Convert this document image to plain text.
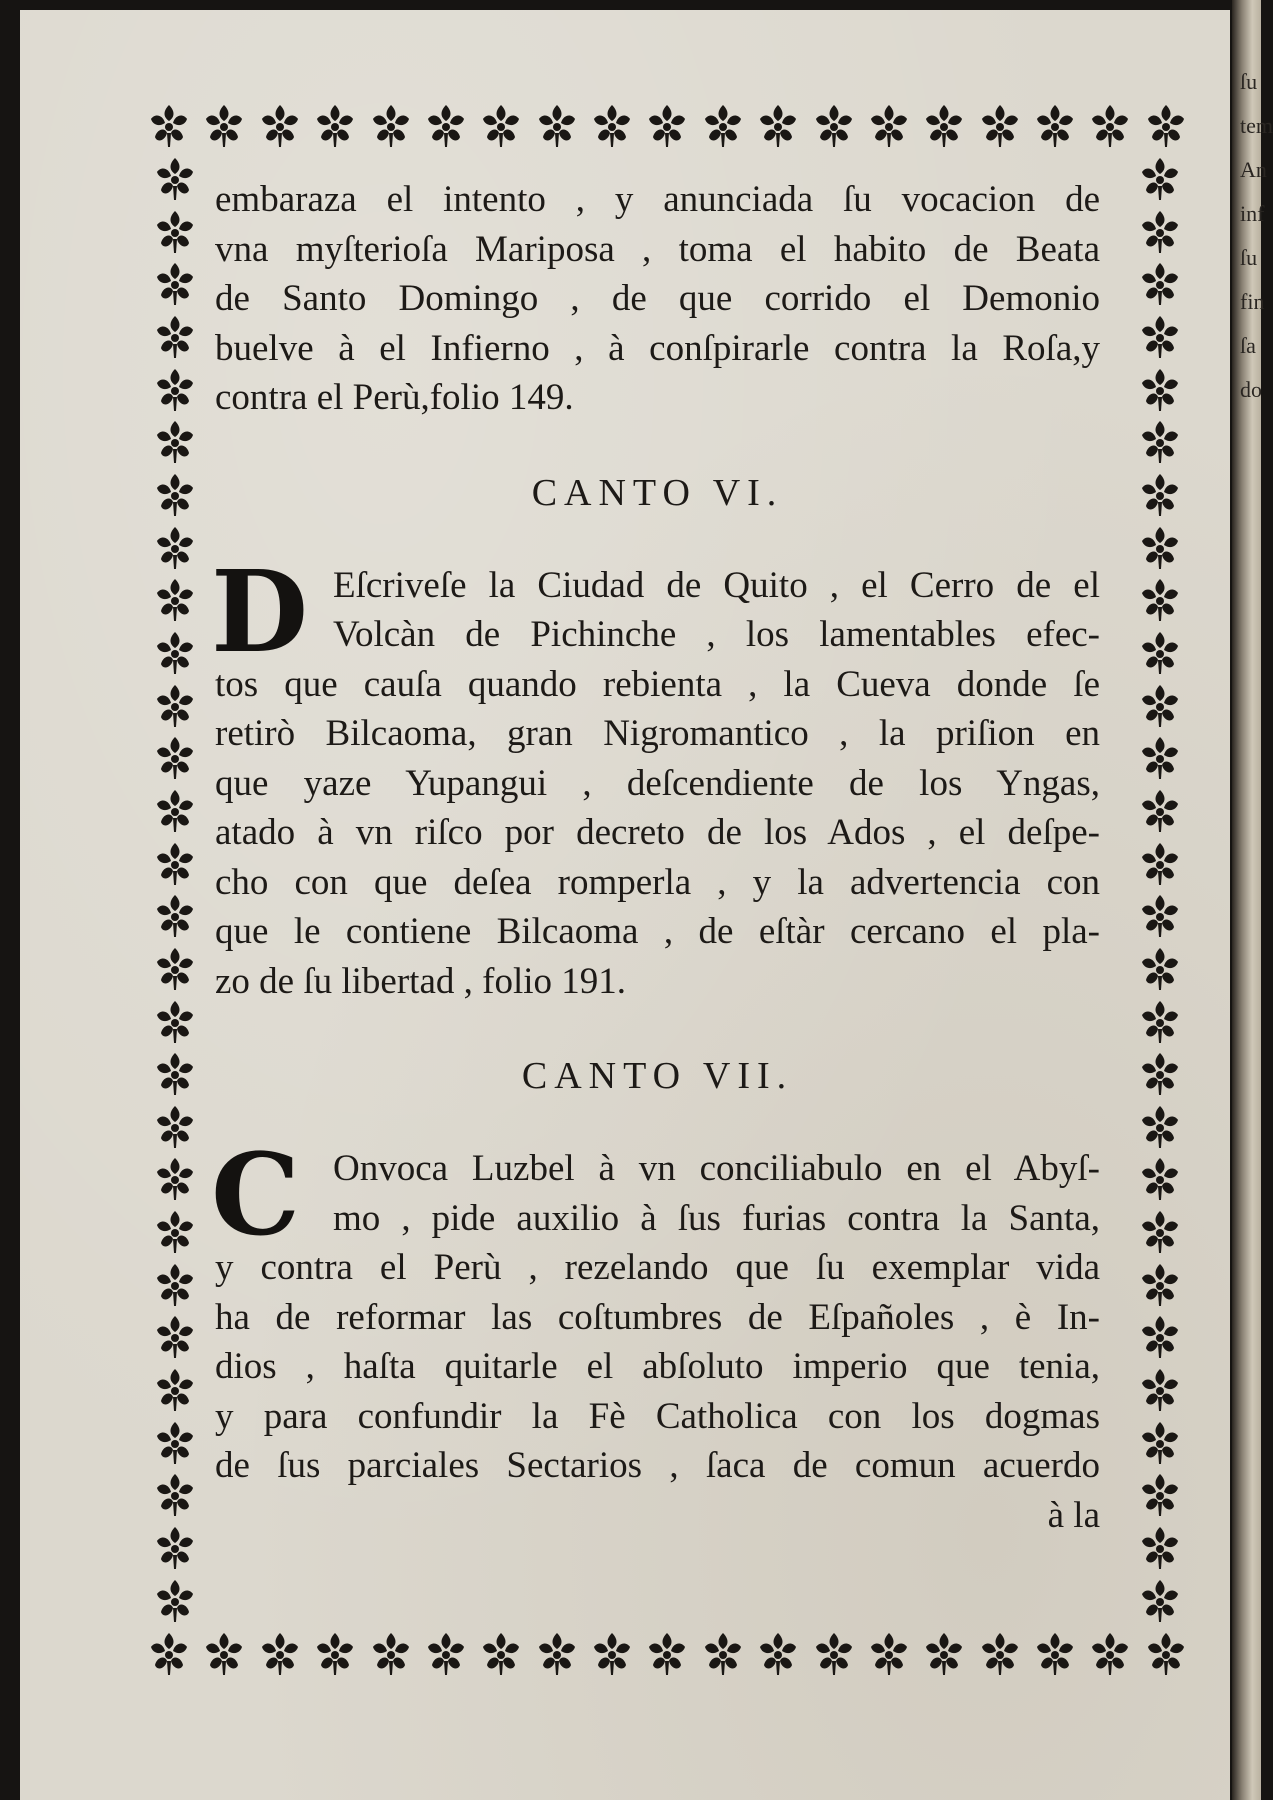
ſu
tem
An
inf
ſu
fin
ſa
do
embaraza el intento , y anunciada ſu vocacion de
vna myſterioſa Mariposa , toma el habito de Beata
de Santo Domingo , de que corrido el Demonio
buelve à el Infierno , à conſpirarle contra la Roſa,y
contra el Perù,folio 149.
CANTO VI.
D Eſcriveſe la Ciudad de Quito , el Cerro de el
Volcàn de Pichinche , los lamentables efec-
tos que cauſa quando rebienta , la Cueva donde ſe
retirò Bilcaoma, gran Nigromantico , la priſion en
que yaze Yupangui , deſcendiente de los Yngas,
atado à vn riſco por decreto de los Ados , el deſpe-
cho con que deſea romperla , y la advertencia con
que le contiene Bilcaoma , de eſtàr cercano el pla-
zo de ſu libertad , folio 191.
CANTO VII.
C Onvoca Luzbel à vn conciliabulo en el Abyſ-
mo , pide auxilio à ſus furias contra la Santa,
y contra el Perù , rezelando que ſu exemplar vida
ha de reformar las coſtumbres de Eſpañoles , è In-
dios , haſta quitarle el abſoluto imperio que tenia,
y para confundir la Fè Catholica con los dogmas
de ſus parciales Sectarios , ſaca de comun acuerdo
à la
